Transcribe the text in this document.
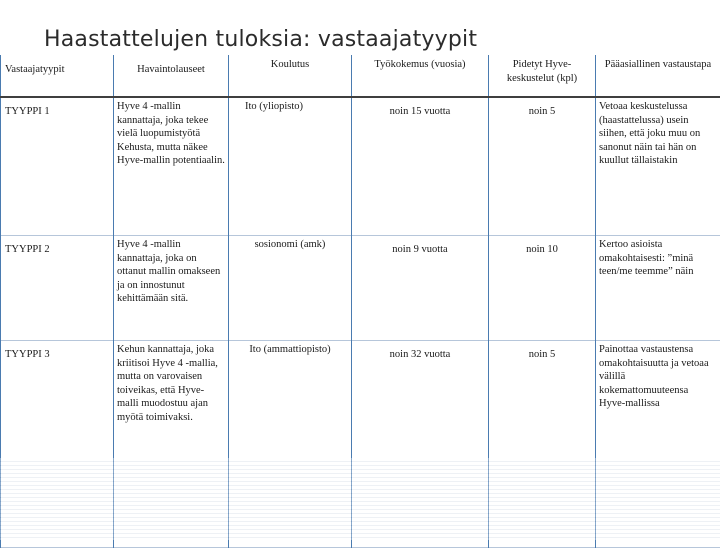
Haastattelujen tuloksia: vastaajatyypit
Vastaajatyypit	Havaintolauseet	Koulutus	Työkokemus (vuosia)	Pidetyt Hyve-keskustelut (kpl)	Pääasiallinen vastaustapa
TYYPPI 1	Hyve 4 -mallin kannattaja, joka tekee vielä luopumistyötä Kehusta, mutta näkee Hyve-mallin potentiaalin.	Ito (yliopisto)	noin 15 vuotta	noin 5	Vetoaa keskustelussa (haastattelussa) usein siihen, että joku muu on sanonut näin tai hän on kuullut tällaistakin
TYYPPI 2	Hyve 4 -mallin kannattaja, joka on ottanut mallin omakseen ja on innostunut kehittämään sitä.	sosionomi (amk)	noin 9 vuotta	noin 10	Kertoo asioista omakohtaisesti: ”minä teen/me teemme” näin
TYYPPI 3	Kehun kannattaja, joka kriitisoi Hyve 4 -mallia, mutta on varovaisen toiveikas, että Hyve-malli muodostuu ajan myötä toimivaksi.	Ito (ammattiopisto)	noin 32 vuotta	noin 5	Painottaa vastaustensa omakohtaisuutta ja vetoaa välillä kokemattomuuteensa Hyve-mallissa
